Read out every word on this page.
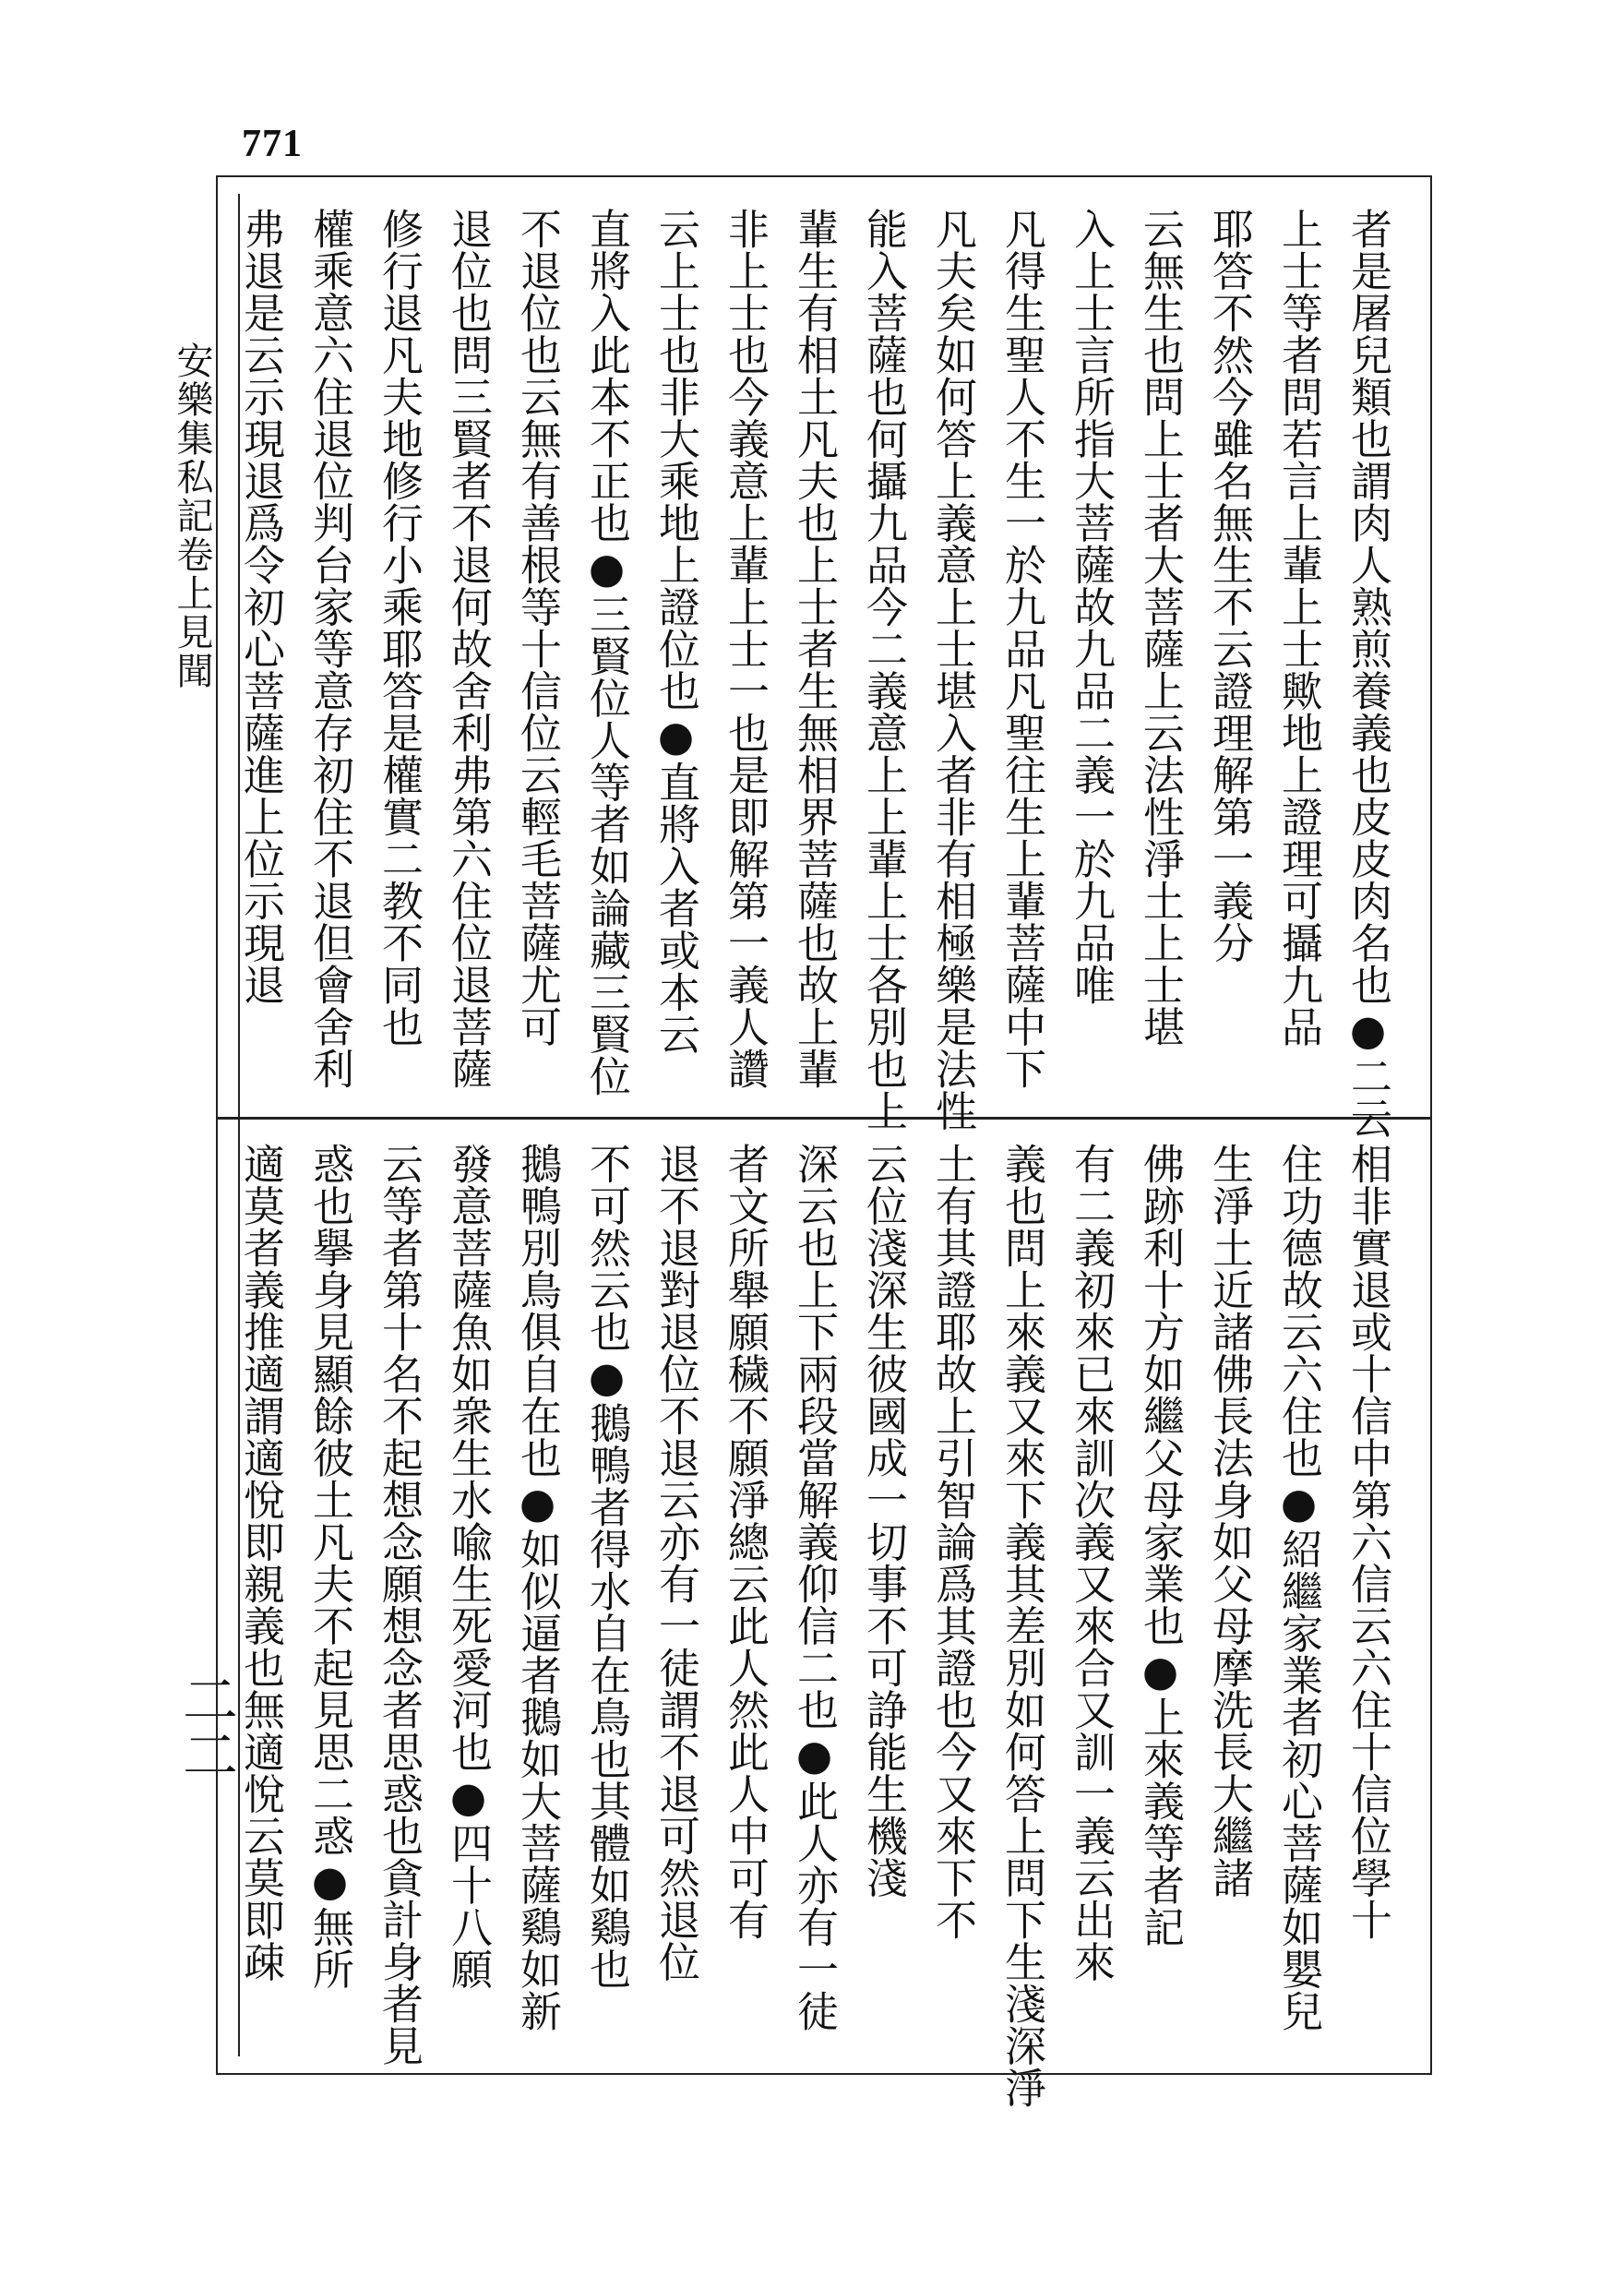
771
安樂集私記卷上見聞
二二
者是屠兒類也謂肉人熟煎養義也皮皮肉名也●二云
上士等者問若言上輩上士歟地上證理可攝九品
耶答不然今雖名無生不云證理解第一義分
云無生也問上士者大菩薩上云法性淨土上士堪
入上士言所指大菩薩故九品二義一於九品唯
凡得生聖人不生一於九品凡聖往生上輩菩薩中下
凡夫矣如何答上義意上士堪入者非有相極樂是法性
能入菩薩也何攝九品今二義意上上輩上士各別也上
輩生有相土凡夫也上士者生無相界菩薩也故上輩
非上士也今義意上輩上士一也是即解第一義人讚
云上士也非大乘地上證位也●直將入者或本云
直將入此本不正也●三賢位人等者如論藏三賢位
不退位也云無有善根等十信位云輕毛菩薩尤可
退位也問三賢者不退何故舍利弗第六住位退菩薩
修行退凡夫地修行小乘耶答是權實二教不同也
權乘意六住退位判台家等意存初住不退但會舍利
弗退是云示現退爲令初心菩薩進上位示現退
相非實退或十信中第六信云六住十信位學十
住功德故云六住也●紹繼家業者初心菩薩如嬰兒
生淨土近諸佛長法身如父母摩洗長大繼諸
佛跡利十方如繼父母家業也●上來義等者記
有二義初來已來訓次義又來合又訓一義云出來
義也問上來義又來下義其差別如何答上問下生淺深淨
土有其證耶故上引智論爲其證也今又來下不
云位淺深生彼國成一切事不可諍能生機淺
深云也上下兩段當解義仰信二也●此人亦有一徒
者文所舉願穢不願淨總云此人然此人中可有
退不退對退位不退云亦有一徒謂不退可然退位
不可然云也●鵝鴨者得水自在鳥也其體如鷄也
鵝鴨別鳥俱自在也●如似逼者鵝如大菩薩鷄如新
發意菩薩魚如衆生水喩生死愛河也●四十八願
云等者第十名不起想念願想念者思惑也貪計身者見
惑也擧身見顯餘彼土凡夫不起見思二惑●無所
適莫者義推適謂適悅即親義也無適悅云莫即疎
